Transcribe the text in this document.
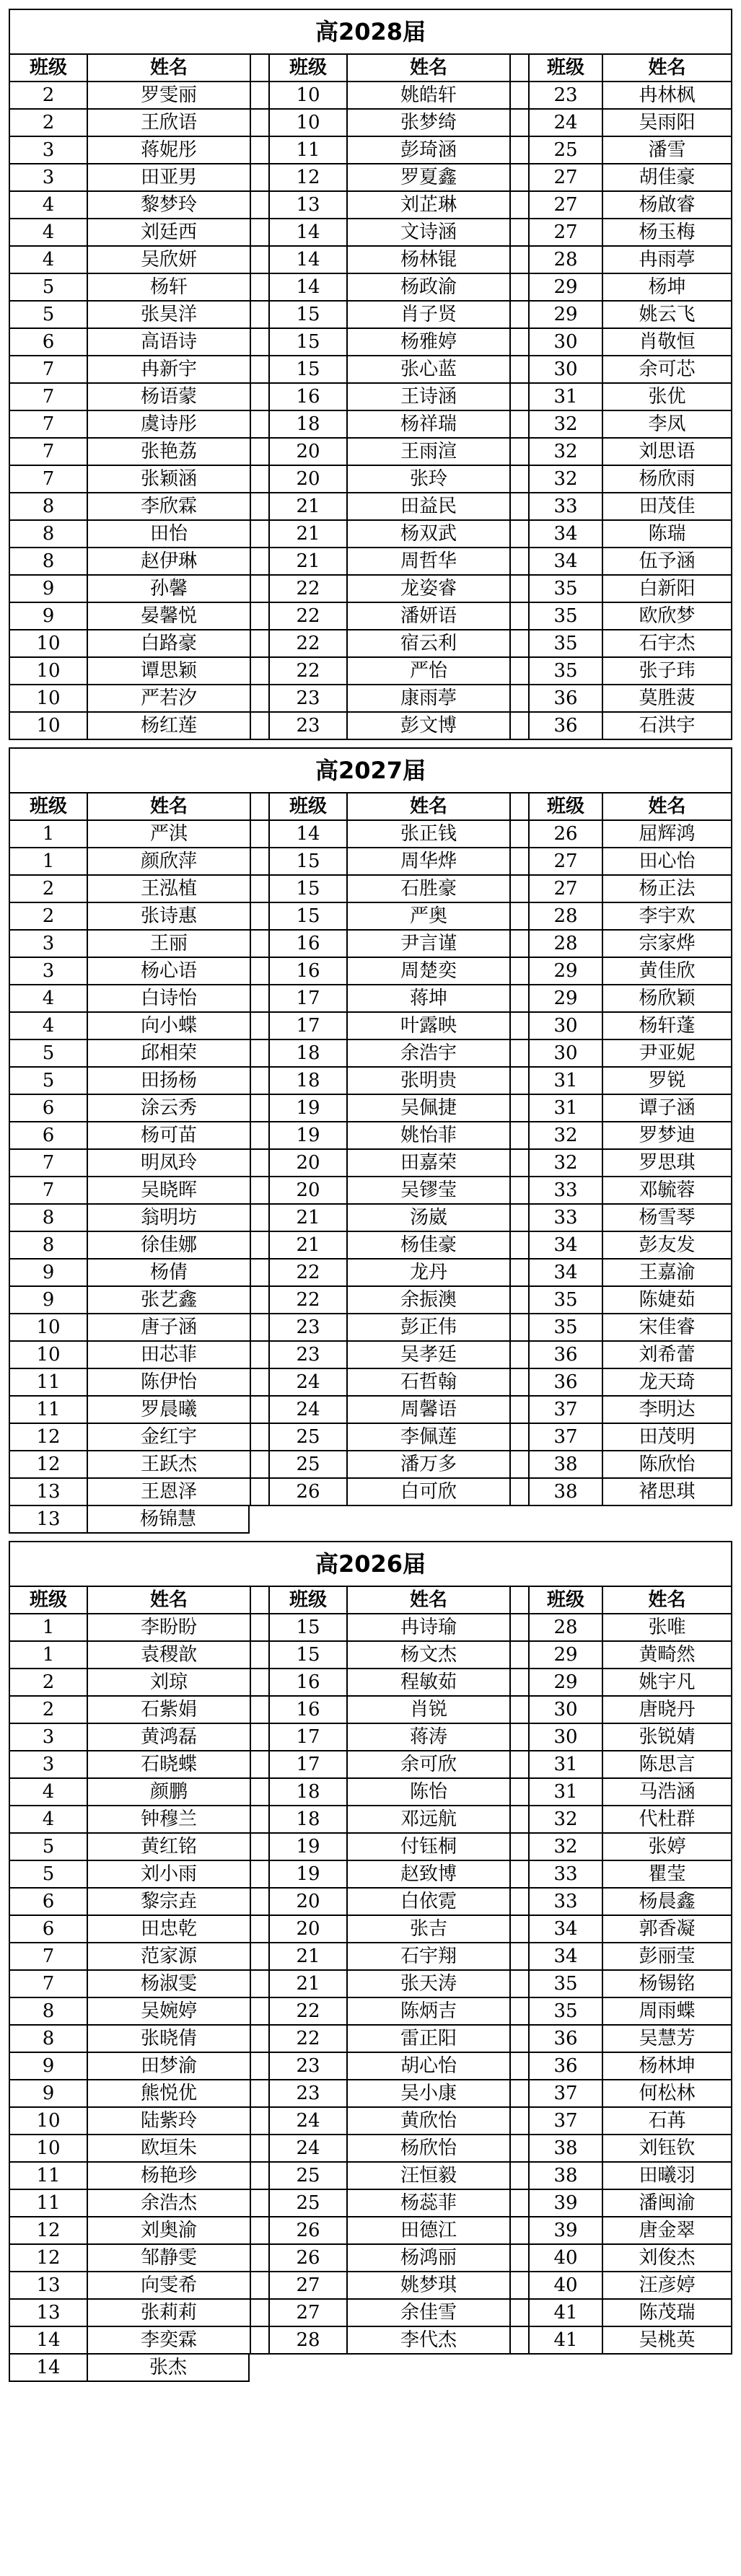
高2028届
班级	姓名	班级	姓名	班级	姓名
2	罗雯丽	10	姚皓轩	23	冉林枫
2	王欣语	10	张梦绮	24	吴雨阳
3	蒋妮彤	11	彭琦涵	25	潘雪
3	田亚男	12	罗夏鑫	27	胡佳豪
4	黎梦玲	13	刘芷琳	27	杨啟睿
4	刘廷西	14	文诗涵	27	杨玉梅
4	吴欣妍	14	杨林锟	28	冉雨葶
5	杨轩	14	杨政渝	29	杨坤
5	张昊洋	15	肖子贤	29	姚云飞
6	高语诗	15	杨雅婷	30	肖敬恒
7	冉新宇	15	张心蓝	30	余可芯
7	杨语蒙	16	王诗涵	31	张优
7	虞诗彤	18	杨祥瑞	32	李凤
7	张艳荔	20	王雨渲	32	刘思语
7	张颖涵	20	张玲	32	杨欣雨
8	李欣霖	21	田益民	33	田茂佳
8	田怡	21	杨双武	34	陈瑞
8	赵伊琳	21	周哲华	34	伍予涵
9	孙馨	22	龙姿睿	35	白新阳
9	晏馨悦	22	潘妍语	35	欧欣梦
10	白路豪	22	宿云利	35	石宇杰
10	谭思颖	22	严怡	35	张子玮
10	严若汐	23	康雨葶	36	莫胜菠
10	杨红莲	23	彭文博	36	石洪宇
高2027届
班级	姓名	班级	姓名	班级	姓名
1	严淇	14	张正钱	26	屈辉鸿
1	颜欣萍	15	周华烨	27	田心怡
2	王泓植	15	石胜豪	27	杨正法
2	张诗惠	15	严奥	28	李宇欢
3	王丽	16	尹言谨	28	宗家烨
3	杨心语	16	周楚奕	29	黄佳欣
4	白诗怡	17	蒋坤	29	杨欣颖
4	向小蝶	17	叶露映	30	杨轩蓬
5	邱相荣	18	余浩宇	30	尹亚妮
5	田扬杨	18	张明贵	31	罗锐
6	涂云秀	19	吴佩捷	31	谭子涵
6	杨可苗	19	姚怡菲	32	罗梦迪
7	明凤玲	20	田嘉荣	32	罗思琪
7	吴晓晖	20	吴镠莹	33	邓毓蓉
8	翁明坊	21	汤崴	33	杨雪琴
8	徐佳娜	21	杨佳豪	34	彭友发
9	杨倩	22	龙丹	34	王嘉渝
9	张艺鑫	22	余振澳	35	陈婕茹
10	唐子涵	23	彭正伟	35	宋佳睿
10	田芯菲	23	吴孝廷	36	刘希蕾
11	陈伊怡	24	石哲翰	36	龙天琦
11	罗晨曦	24	周馨语	37	李明达
12	金红宇	25	李佩莲	37	田茂明
12	王跃杰	25	潘万多	38	陈欣怡
13	王恩泽	26	白可欣	38	褚思琪
13	杨锦慧
高2026届
班级	姓名	班级	姓名	班级	姓名
1	李盼盼	15	冉诗瑜	28	张唯
1	袁稷歆	15	杨文杰	29	黄畸然
2	刘琼	16	程敏茹	29	姚宇凡
2	石紫娟	16	肖锐	30	唐晓丹
3	黄鸿磊	17	蒋涛	30	张锐婧
3	石晓蝶	17	余可欣	31	陈思言
4	颜鹏	18	陈怡	31	马浩涵
4	钟穆兰	18	邓远航	32	代杜群
5	黄红铭	19	付钰桐	32	张婷
5	刘小雨	19	赵致博	33	瞿莹
6	黎宗垚	20	白依霓	33	杨晨鑫
6	田忠乾	20	张吉	34	郭香凝
7	范家源	21	石宇翔	34	彭丽莹
7	杨淑雯	21	张天涛	35	杨锡铭
8	吴婉婷	22	陈炳吉	35	周雨蝶
8	张晓倩	22	雷正阳	36	吴慧芳
9	田梦渝	23	胡心怡	36	杨林坤
9	熊悦优	23	吴小康	37	何松林
10	陆紫玲	24	黄欣怡	37	石苒
10	欧垣朱	24	杨欣怡	38	刘钰钦
11	杨艳珍	25	汪恒毅	38	田曦羽
11	余浩杰	25	杨蕊菲	39	潘闽渝
12	刘奥渝	26	田德江	39	唐金翠
12	邹静雯	26	杨鸿丽	40	刘俊杰
13	向雯希	27	姚梦琪	40	汪彦婷
13	张莉莉	27	余佳雪	41	陈茂瑞
14	李奕霖	28	李代杰	41	吴桃英
14	张杰
